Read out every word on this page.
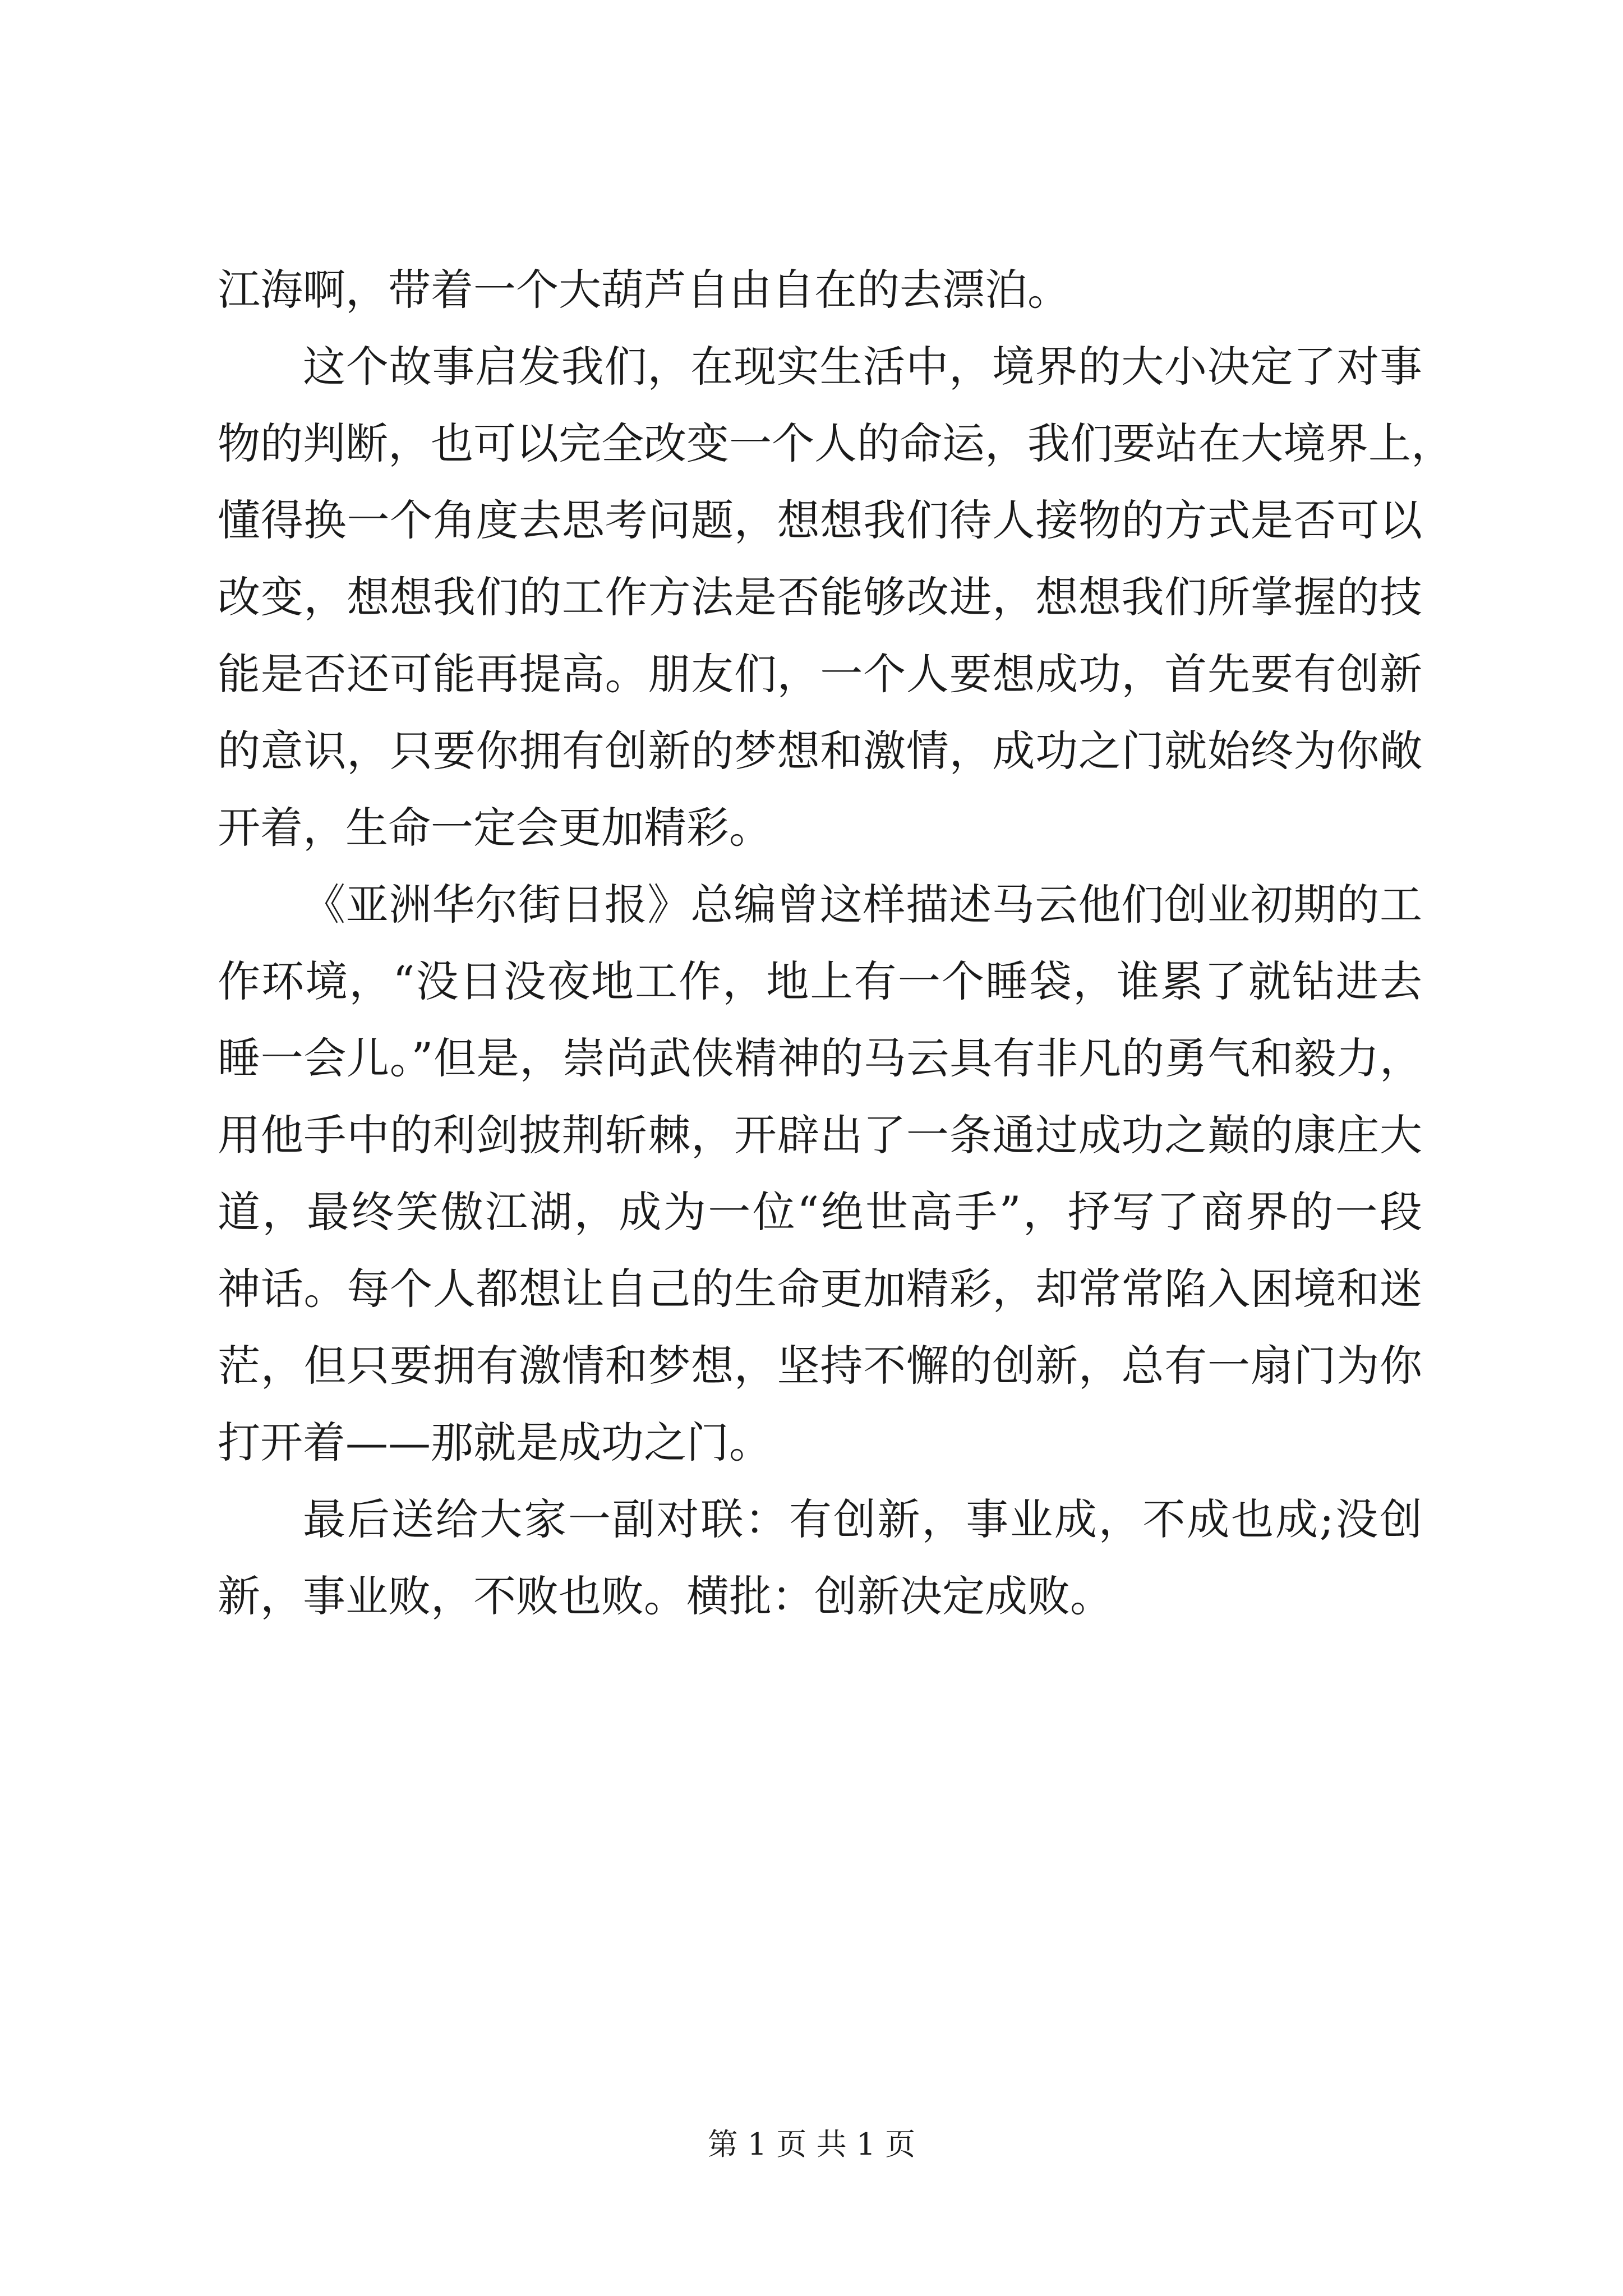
江海啊，带着一个大葫芦自由自在的去漂泊。
这个故事启发我们，在现实生活中，境界的大小决定了对事
物的判断，也可以完全改变一个人的命运，我们要站在大境界上，
懂得换一个角度去思考问题，想想我们待人接物的方式是否可以
改变，想想我们的工作方法是否能够改进，想想我们所掌握的技
能是否还可能再提高。朋友们，一个人要想成功，首先要有创新
的意识，只要你拥有创新的梦想和激情，成功之门就始终为你敞
开着，生命一定会更加精彩。
《亚洲华尔街日报》总编曾这样描述马云他们创业初期的工
作环境，“没日没夜地工作，地上有一个睡袋，谁累了就钻进去
睡一会儿。”但是，崇尚武侠精神的马云具有非凡的勇气和毅力，
用他手中的利剑披荆斩棘，开辟出了一条通过成功之巅的康庄大
道，最终笑傲江湖，成为一位“绝世高手”，抒写了商界的一段
神话。每个人都想让自己的生命更加精彩，却常常陷入困境和迷
茫，但只要拥有激情和梦想，坚持不懈的创新，总有一扇门为你
打开着——那就是成功之门。
最后送给大家一副对联：有创新，事业成，不成也成;没创
新，事业败，不败也败。横批：创新决定成败。
第 1 页 共 1 页
